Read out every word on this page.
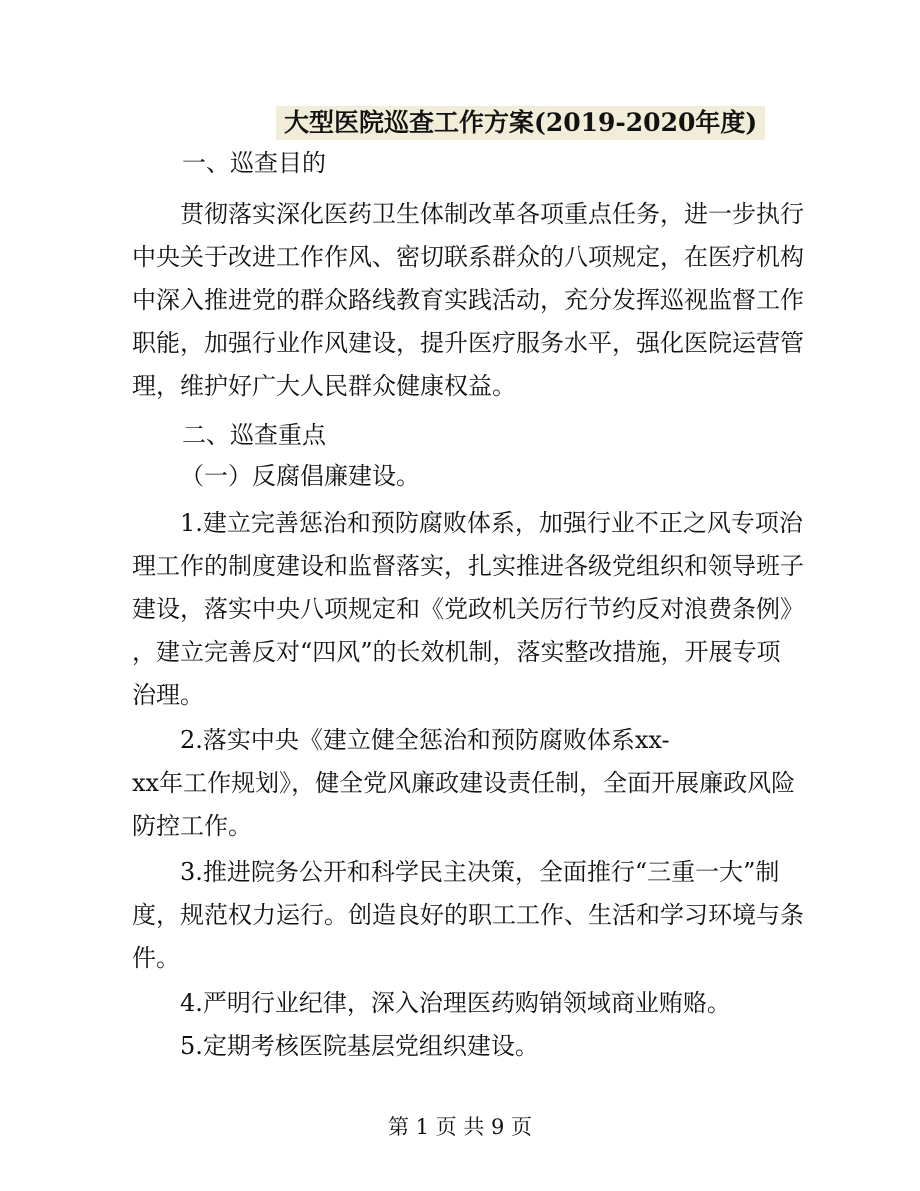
大型医院巡查工作方案(2019-2020年度)
一、巡查目的
贯彻落实深化医药卫生体制改革各项重点任务，进一步执行
中央关于改进工作作风、密切联系群众的八项规定，在医疗机构
中深入推进党的群众路线教育实践活动，充分发挥巡视监督工作
职能，加强行业作风建设，提升医疗服务水平，强化医院运营管
理，维护好广大人民群众健康权益。
二、巡查重点
（一）反腐倡廉建设。
1.建立完善惩治和预防腐败体系，加强行业不正之风专项治
理工作的制度建设和监督落实，扎实推进各级党组织和领导班子
建设，落实中央八项规定和《党政机关厉行节约反对浪费条例》
，建立完善反对“四风”的长效机制，落实整改措施，开展专项
治理。
2.落实中央《建立健全惩治和预防腐败体系xx-
xx年工作规划》，健全党风廉政建设责任制，全面开展廉政风险
防控工作。
3.推进院务公开和科学民主决策，全面推行“三重一大”制
度，规范权力运行。创造良好的职工工作、生活和学习环境与条
件。
4.严明行业纪律，深入治理医药购销领域商业贿赂。
5.定期考核医院基层党组织建设。
第 1 页 共 9 页
